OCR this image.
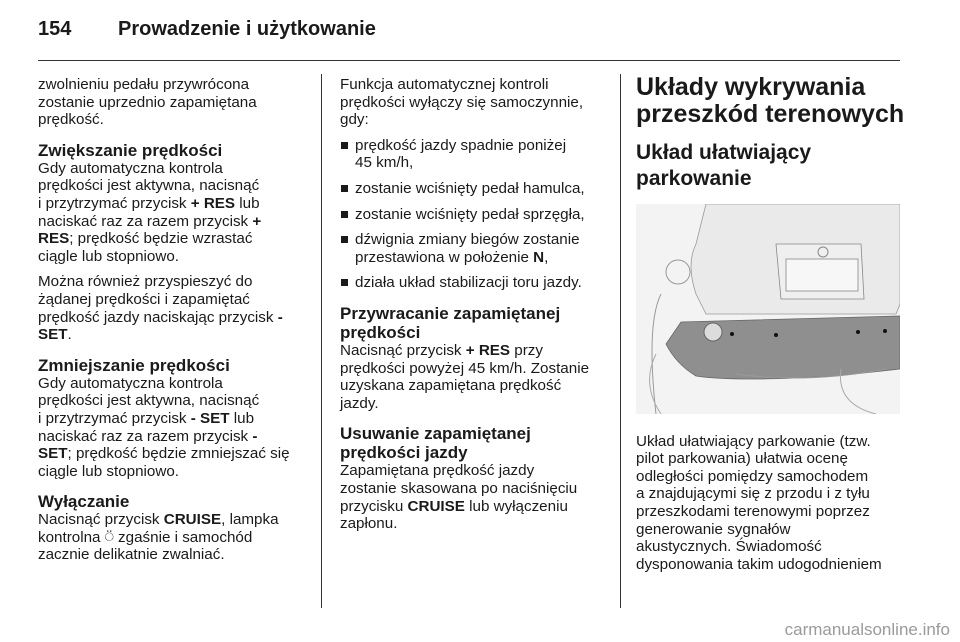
154 Prowadzenie i użytkowanie
zwolnieniu pedału przywrócona
zostanie uprzednio zapamiętana
prędkość.
Zwiększanie prędkości
Gdy automatyczna kontrola
prędkości jest aktywna, nacisnąć
i przytrzymać przycisk + RES lub
naciskać raz za razem przycisk +
RES; prędkość będzie wzrastać
ciągle lub stopniowo.
Można również przyspieszyć do
żądanej prędkości i zapamiętać
prędkość jazdy naciskając przycisk -
SET.
Zmniejszanie prędkości
Gdy automatyczna kontrola
prędkości jest aktywna, nacisnąć
i przytrzymać przycisk - SET lub
naciskać raz za razem przycisk -
SET; prędkość będzie zmniejszać się
ciągle lub stopniowo.
Wyłączanie
Nacisnąć przycisk CRUISE, lampka
kontrolna ⍥ zgaśnie i samochód
zacznie delikatnie zwalniać.
Funkcja automatycznej kontroli
prędkości wyłączy się samoczynnie,
gdy:
prędkość jazdy spadnie poniżej
45 km/h,
zostanie wciśnięty pedał hamulca,
zostanie wciśnięty pedał sprzęgła,
dźwignia zmiany biegów zostanie
przestawiona w położenie N,
działa układ stabilizacji toru jazdy.
Przywracanie zapamiętanej
prędkości
Nacisnąć przycisk + RES przy
prędkości powyżej 45 km/h. Zostanie
uzyskana zapamiętana prędkość
jazdy.
Usuwanie zapamiętanej
prędkości jazdy
Zapamiętana prędkość jazdy
zostanie skasowana po naciśnięciu
przycisku CRUISE lub wyłączeniu
zapłonu.
Układy wykrywania
przeszkód terenowych
Układ ułatwiający
parkowanie
Układ ułatwiający parkowanie (tzw.
pilot parkowania) ułatwia ocenę
odległości pomiędzy samochodem
a znajdującymi się z przodu i z tyłu
przeszkodami terenowymi poprzez
generowanie sygnałów
akustycznych. Świadomość
dysponowania takim udogodnieniem
carmanualsonline.info
